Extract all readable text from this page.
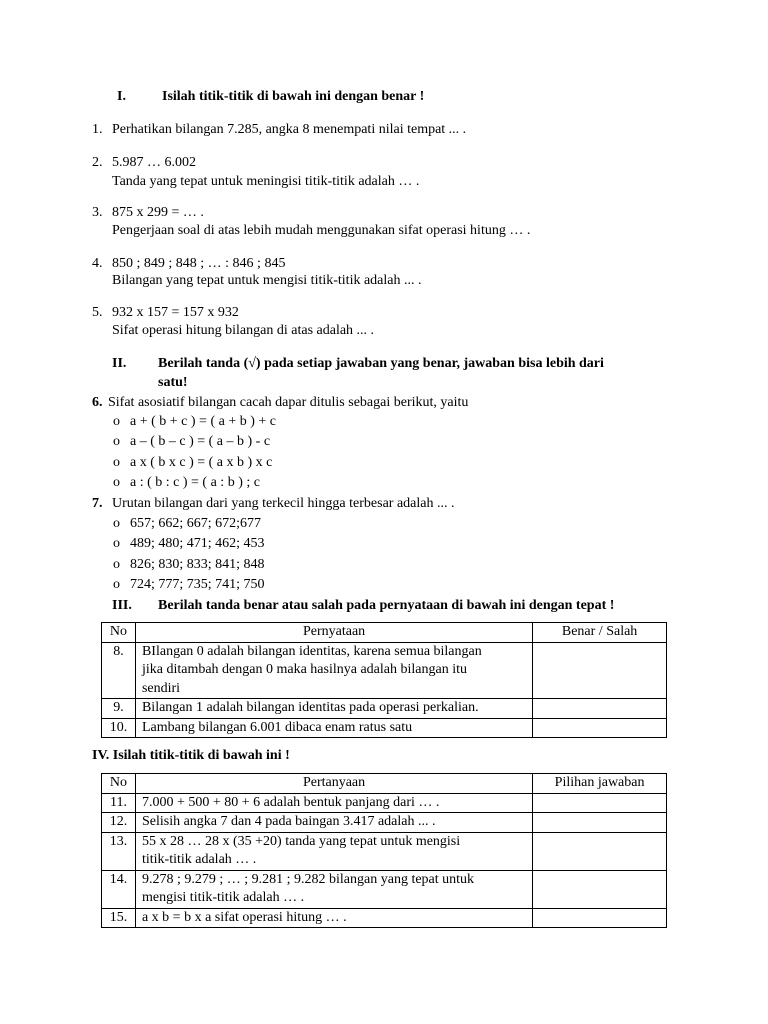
I.	Isilah titik-titik di bawah ini dengan benar !
1. Perhatikan bilangan 7.285, angka 8 menempati nilai tempat ... .
2. 5.987 … 6.002
Tanda yang tepat untuk meningisi titik-titik adalah … .
3. 875 x 299 = … .
Pengerjaan soal di atas lebih mudah menggunakan sifat operasi hitung … .
4. 850 ; 849 ; 848 ; … : 846 ; 845
Bilangan yang tepat untuk mengisi titik-titik adalah ... .
5. 932 x 157 = 157 x 932
Sifat operasi hitung bilangan di atas adalah ... .
II. Berilah tanda (√) pada setiap jawaban yang benar, jawaban bisa lebih dari
satu!
6. Sifat asosiatif bilangan cacah dapar ditulis sebagai berikut, yaitu
o a + ( b + c ) = ( a + b ) + c
o a – ( b – c ) = ( a – b ) - c
o a x ( b x c ) = ( a x b ) x c
o a : ( b : c ) = ( a : b ) ; c
7. Urutan bilangan dari yang terkecil hingga terbesar adalah ... .
o 657; 662; 667; 672;677
o 489; 480; 471; 462; 453
o 826; 830; 833; 841; 848
o 724; 777; 735; 741; 750
III. Berilah tanda benar atau salah pada pernyataan di bawah ini dengan tepat !
No	Pernyataan	Benar / Salah
8.	BIlangan 0 adalah bilangan identitas, karena semua bilangan
jika ditambah dengan 0 maka hasilnya adalah bilangan itu
sendiri	

9.	Bilangan 1 adalah bilangan identitas pada operasi perkalian.	

10.	Lambang bilangan 6.001 dibaca enam ratus satu	

IV. Isilah titik-titik di bawah ini !
No	Pertanyaan	Pilihan jawaban
11.	7.000 + 500 + 80 + 6 adalah bentuk panjang dari … .	

12.	Selisih angka 7 dan 4 pada baingan 3.417 adalah ... .	

13.	55 x 28 … 28 x (35 +20) tanda yang tepat untuk mengisi
titik-titik adalah … .	

14.	9.278 ; 9.279 ; … ; 9.281 ; 9.282 bilangan yang tepat untuk
mengisi titik-titik adalah … .	

15.	a x b = b x a sifat operasi hitung … .	
